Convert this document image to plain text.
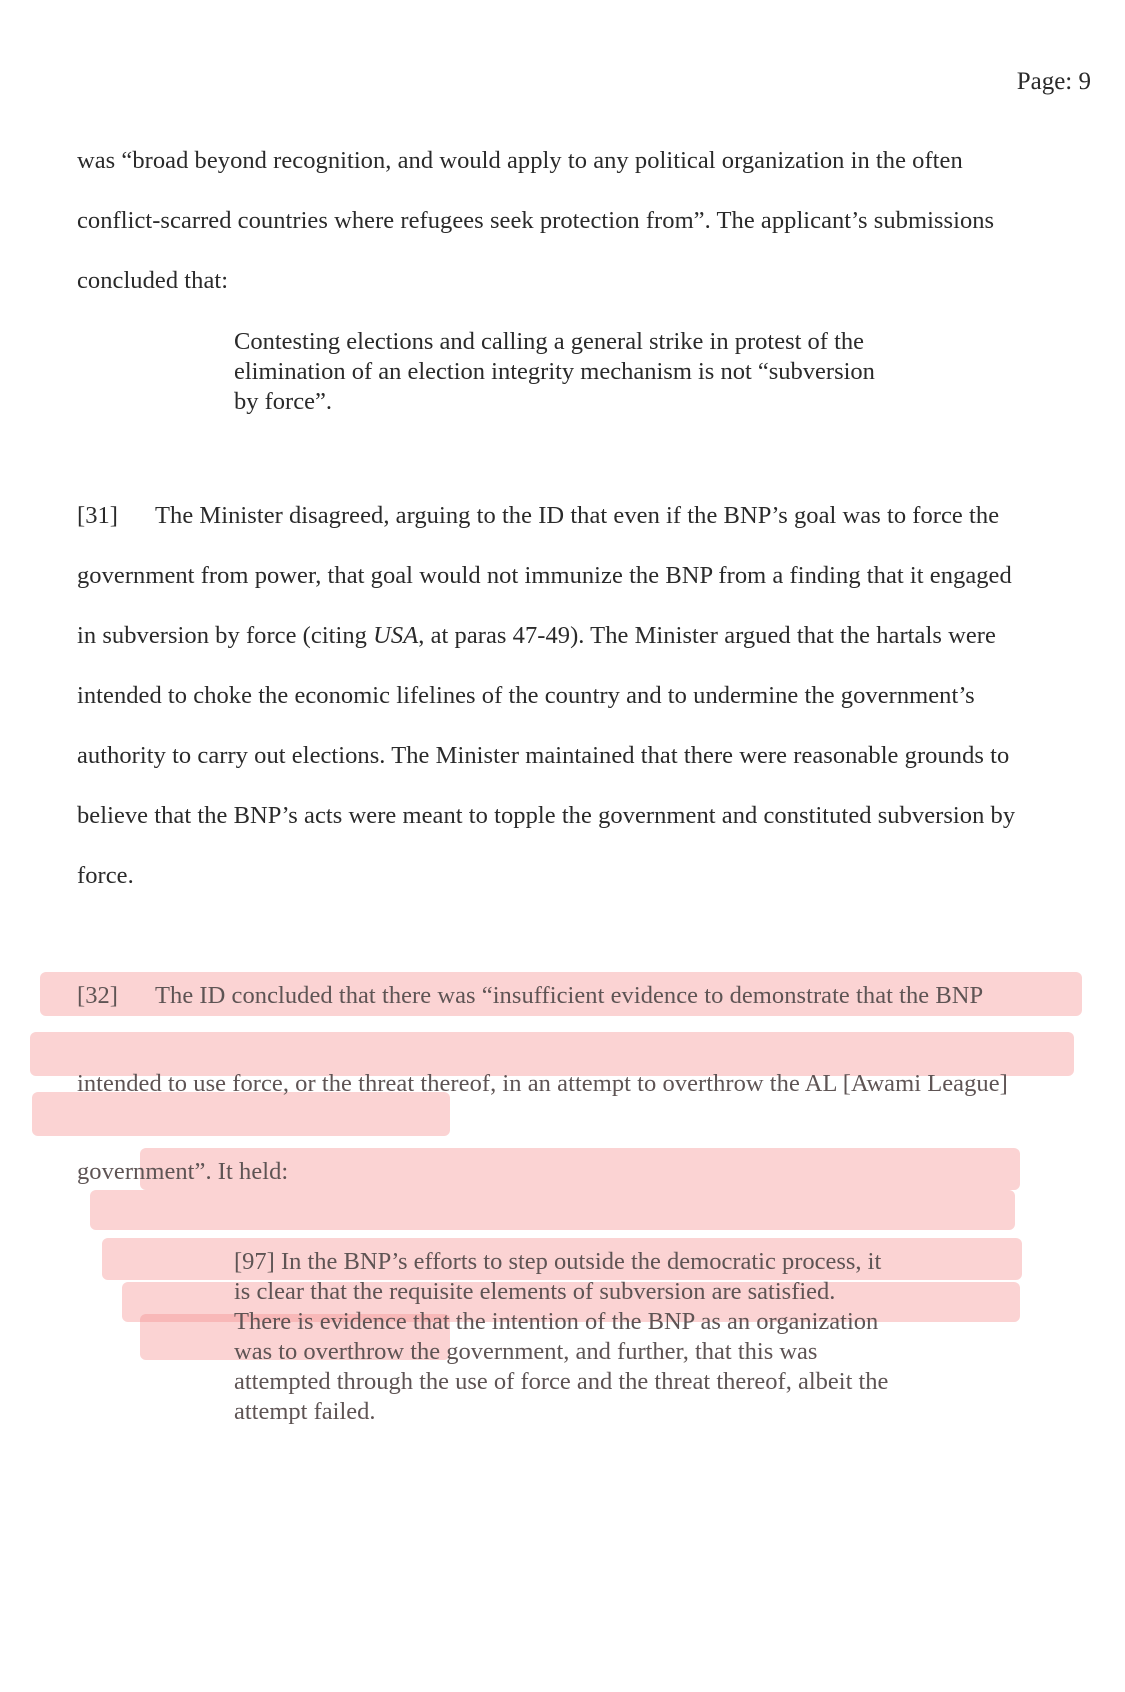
Page: 9
was “broad beyond recognition, and would apply to any political organization in the often
conflict-scarred countries where refugees seek protection from”. The applicant’s submissions
concluded that:
Contesting elections and calling a general strike in protest of the
elimination of an election integrity mechanism is not “subversion
by force”.
[31] The Minister disagreed, arguing to the ID that even if the BNP’s goal was to force the
government from power, that goal would not immunize the BNP from a finding that it engaged
in subversion by force (citing USA, at paras 47-49). The Minister argued that the hartals were
intended to choke the economic lifelines of the country and to undermine the government’s
authority to carry out elections. The Minister maintained that there were reasonable grounds to
believe that the BNP’s acts were meant to topple the government and constituted subversion by
force.
[32] The ID concluded that there was “insufficient evidence to demonstrate that the BNP
intended to use force, or the threat thereof, in an attempt to overthrow the AL [Awami League]
government”. It held:
[97] In the BNP’s efforts to step outside the democratic process, it
is clear that the requisite elements of subversion are satisfied.
There is evidence that the intention of the BNP as an organization
was to overthrow the government, and further, that this was
attempted through the use of force and the threat thereof, albeit the
attempt failed.
